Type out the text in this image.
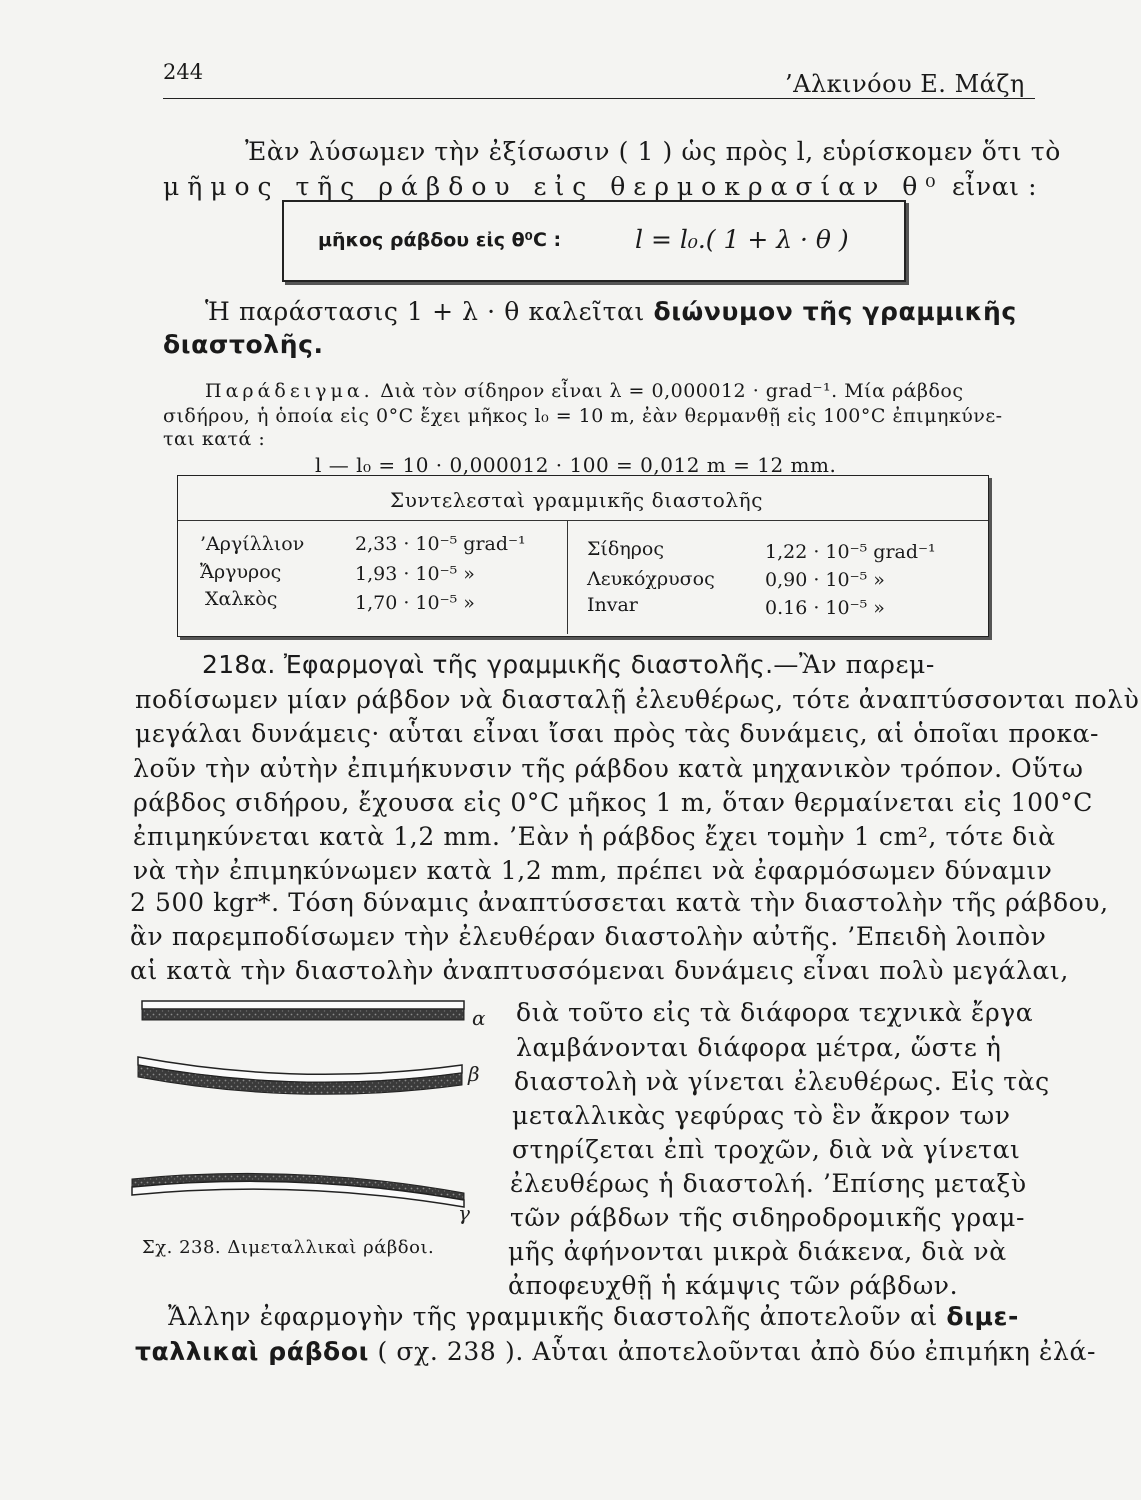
244	’Αλκινόου Ε. Μάζη
Ἐὰν λύσωμεν τὴν ἐξίσωσιν ( 1 ) ὡς πρὸς l, εὑρίσκομεν ὅτι τὸ
μῆμος τῆς ράβδου εἰς θερμοκρασίαν θ⁰ εἶναι :
μῆκος ράβδου εἰς θ⁰C :	l = l₀.( 1 + λ · θ )
Ἡ παράστασις 1 + λ · θ καλεῖται διώνυμον τῆς γραμμικῆς
διαστολῆς.
Παράδειγμα. Διὰ τὸν σίδηρον εἶναι λ = 0,000012 · grad⁻¹. Μία ράβδος
σιδήρου, ἡ ὁποία εἰς 0°C ἔχει μῆκος l₀ = 10 m, ἐὰν θερμανθῇ εἰς 100°C ἐπιμηκύνε-
ται κατά :
l — l₀ = 10 · 0,000012 · 100 = 0,012 m = 12 mm.
Συντελεσταὶ γραμμικῆς διαστολῆς
’Αργίλλιον	2,33 · 10⁻⁵ grad⁻¹
Ἄργυρος	1,93 · 10⁻⁵ »
Χαλκὸς	1,70 · 10⁻⁵ »
Σίδηρος	1,22 · 10⁻⁵ grad⁻¹
Λευκόχρυσος	0,90 · 10⁻⁵ »
Invar	0.16 · 10⁻⁵ »
218α. Ἐφαρμογαὶ τῆς γραμμικῆς διαστολῆς.—Ἂν παρεμ-
ποδίσωμεν μίαν ράβδον νὰ διασταλῇ ἐλευθέρως, τότε ἀναπτύσσονται πολὺ
μεγάλαι δυνάμεις· αὗται εἶναι ἴσαι πρὸς τὰς δυνάμεις, αἱ ὁποῖαι προκα-
λοῦν τὴν αὐτὴν ἐπιμήκυνσιν τῆς ράβδου κατὰ μηχανικὸν τρόπον. Οὕτω
ράβδος σιδήρου, ἔχουσα εἰς 0°C μῆκος 1 m, ὅταν θερμαίνεται εἰς 100°C
ἐπιμηκύνεται κατὰ 1,2 mm. ’Εὰν ἡ ράβδος ἔχει τομὴν 1 cm², τότε διὰ
νὰ τὴν ἐπιμηκύνωμεν κατὰ 1,2 mm, πρέπει νὰ ἐφαρμόσωμεν δύναμιν
2 500 kgr*. Τόση δύναμις ἀναπτύσσεται κατὰ τὴν διαστολὴν τῆς ράβδου,
ἂν παρεμποδίσωμεν τὴν ἐλευθέραν διαστολὴν αὐτῆς. ’Επειδὴ λοιπὸν
αἱ κατὰ τὴν διαστολὴν ἀναπτυσσόμεναι δυνάμεις εἶναι πολὺ μεγάλαι,
διὰ τοῦτο εἰς τὰ διάφορα τεχνικὰ ἔργα
λαμβάνονται διάφορα μέτρα, ὥστε ἡ
διαστολὴ νὰ γίνεται ἐλευθέρως. Εἰς τὰς
μεταλλικὰς γεφύρας τὸ ἓν ἄκρον των
στηρίζεται ἐπὶ τροχῶν, διὰ νὰ γίνεται
ἐλευθέρως ἡ διαστολή. ’Επίσης μεταξὺ
τῶν ράβδων τῆς σιδηροδρομικῆς γραμ-
μῆς ἀφήνονται μικρὰ διάκενα, διὰ νὰ
ἀποφευχθῇ ἡ κάμψις τῶν ράβδων.
α
β
γ
Σχ. 238. Διμεταλλικαὶ ράβδοι.
Ἄλλην ἐφαρμογὴν τῆς γραμμικῆς διαστολῆς ἀποτελοῦν αἱ διμε-
ταλλικαὶ ράβδοι ( σχ. 238 ). Αὗται ἀποτελοῦνται ἀπὸ δύο ἐπιμήκη ἐλά-
